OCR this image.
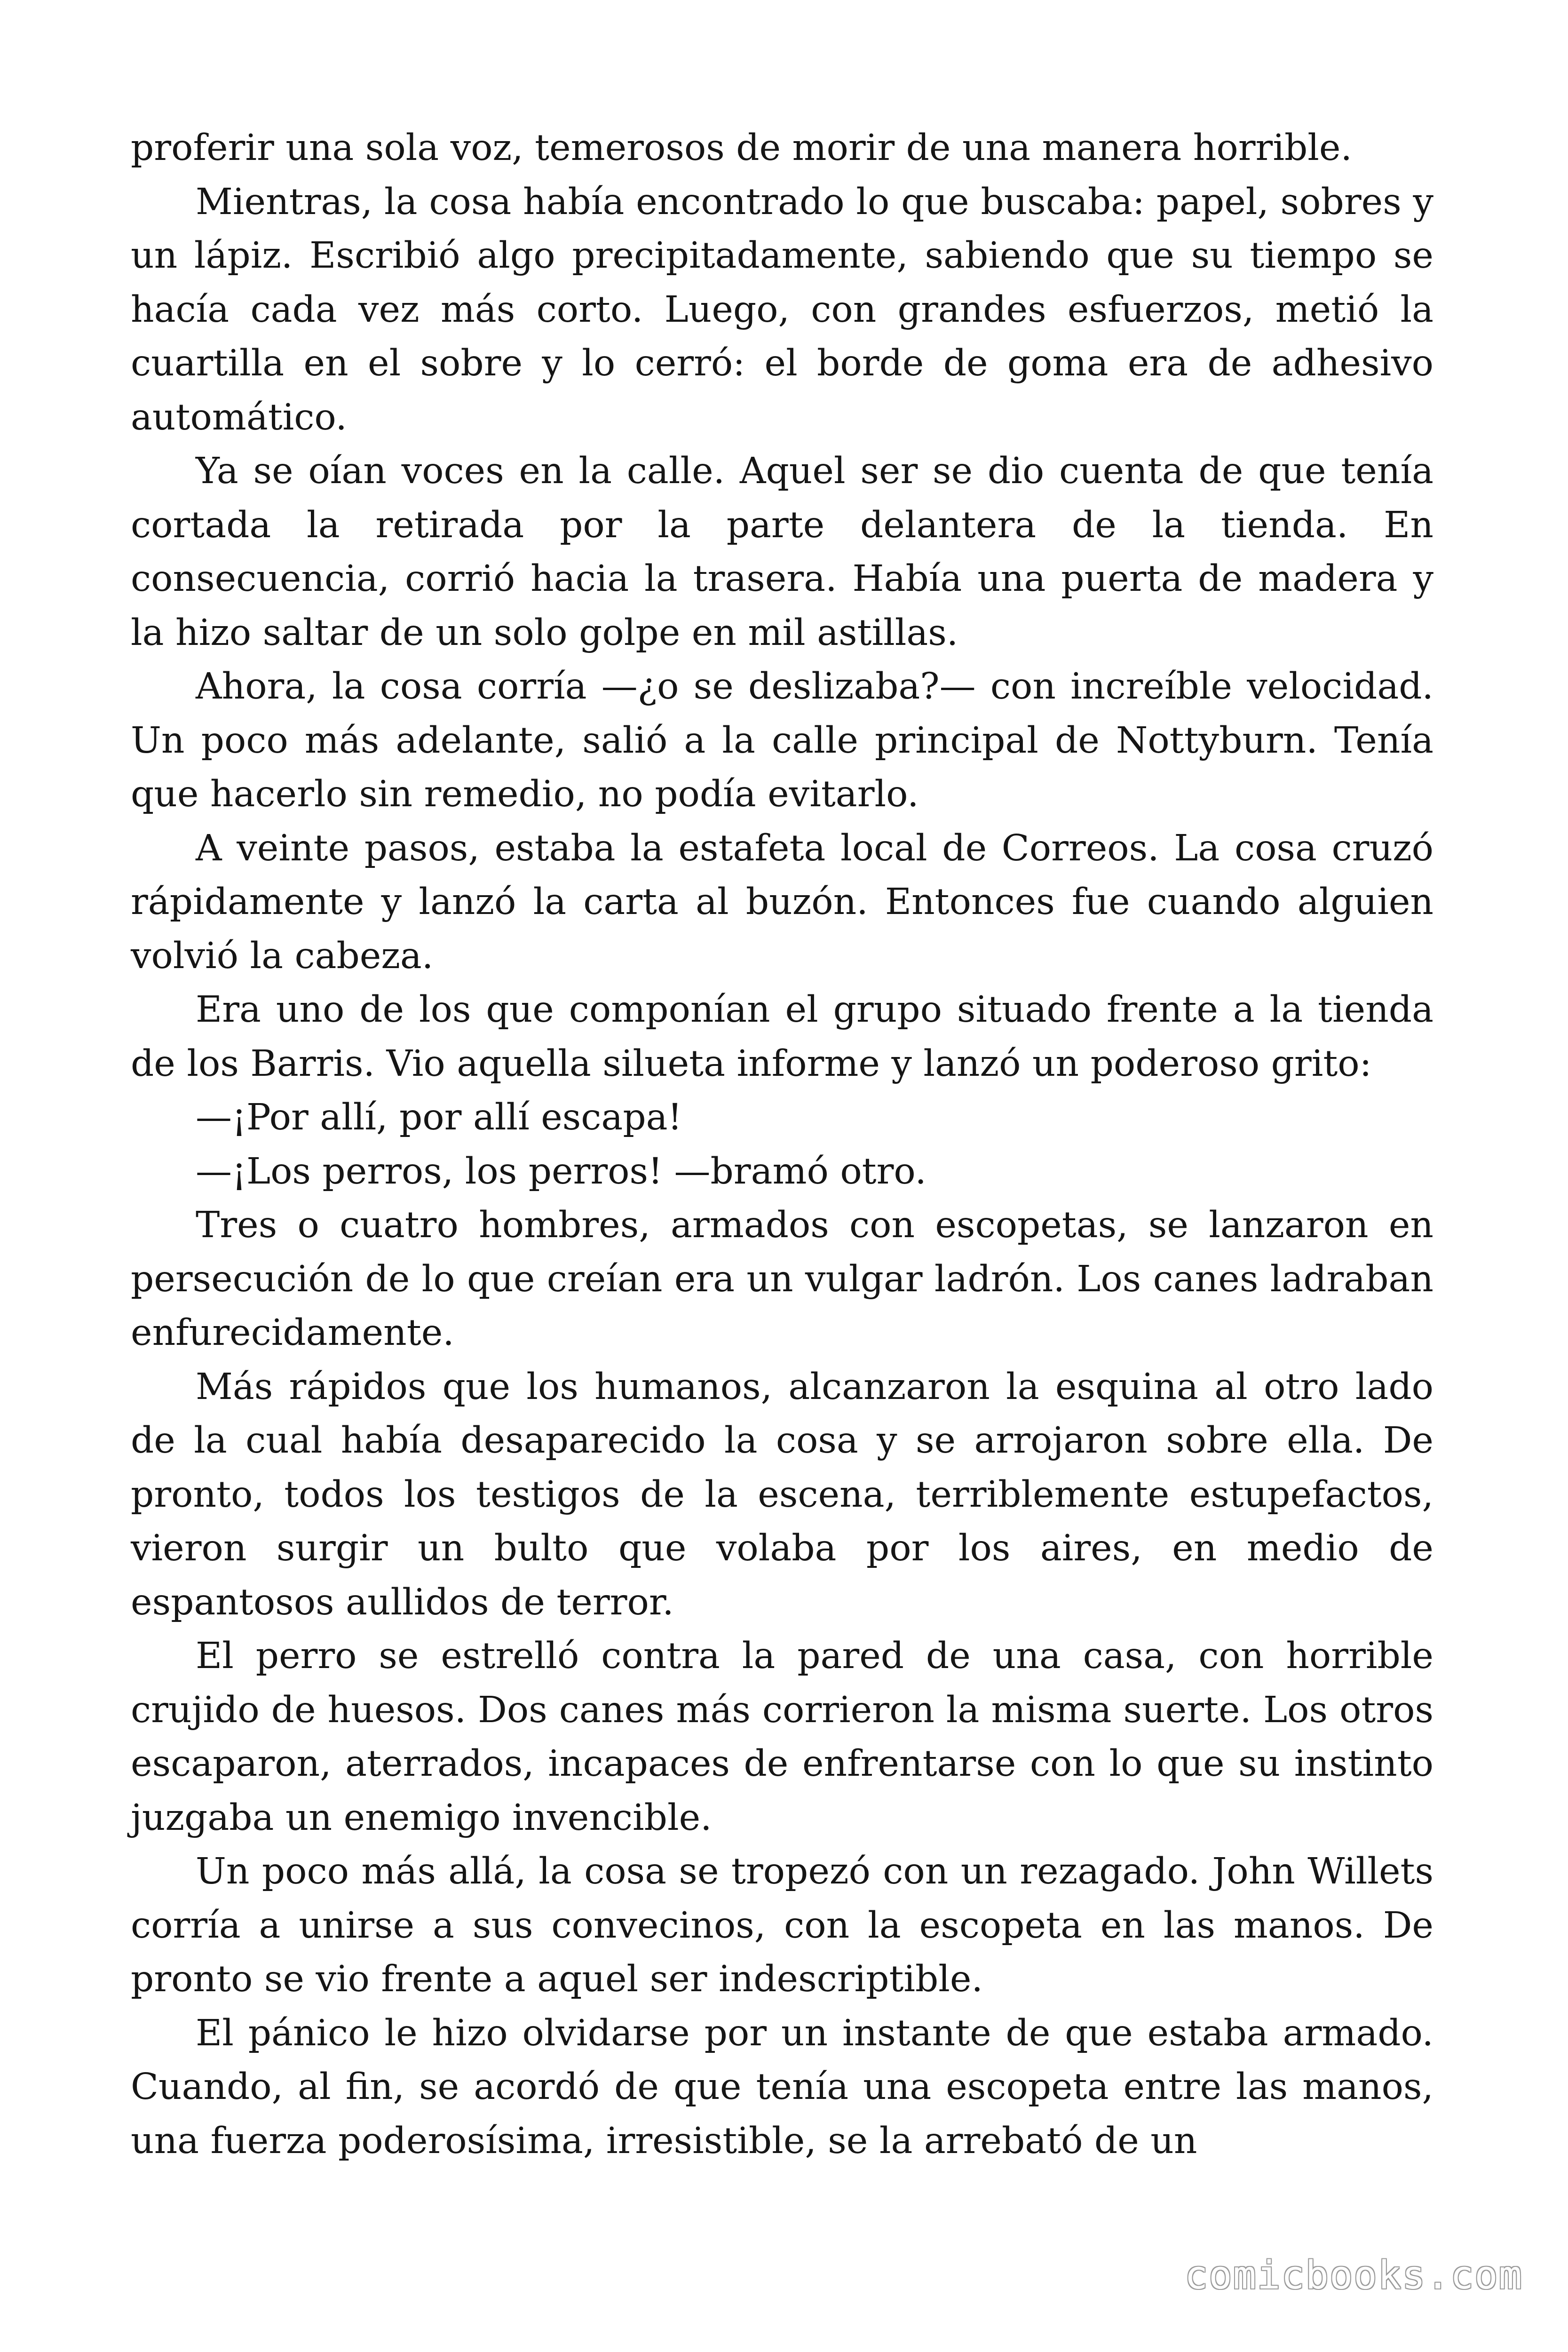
proferir una sola voz, temerosos de morir de una manera horrible.

Mientras, la cosa había encontrado lo que buscaba: papel, sobres y un lápiz. Escribió algo precipitadamente, sabiendo que su tiempo se hacía cada vez más corto. Luego, con grandes esfuerzos, metió la cuartilla en el sobre y lo cerró: el borde de goma era de adhesivo automático.

Ya se oían voces en la calle. Aquel ser se dio cuenta de que tenía cortada la retirada por la parte delantera de la tienda. En consecuencia, corrió hacia la trasera. Había una puerta de madera y la hizo saltar de un solo golpe en mil astillas.

Ahora, la cosa corría —¿o se deslizaba?— con increíble velocidad. Un poco más adelante, salió a la calle principal de Nottyburn. Tenía que hacerlo sin remedio, no podía evitarlo.

A veinte pasos, estaba la estafeta local de Correos. La cosa cruzó rápidamente y lanzó la carta al buzón. Entonces fue cuando alguien volvió la cabeza.

Era uno de los que componían el grupo situado frente a la tienda de los Barris. Vio aquella silueta informe y lanzó un poderoso grito:

—¡Por allí, por allí escapa!

—¡Los perros, los perros! —bramó otro.

Tres o cuatro hombres, armados con escopetas, se lanzaron en persecución de lo que creían era un vulgar ladrón. Los canes ladraban enfurecidamente.

Más rápidos que los humanos, alcanzaron la esquina al otro lado de la cual había desaparecido la cosa y se arrojaron sobre ella. De pronto, todos los testigos de la escena, terriblemente estupefactos, vieron surgir un bulto que volaba por los aires, en medio de espantosos aullidos de terror.

El perro se estrelló contra la pared de una casa, con horrible crujido de huesos. Dos canes más corrieron la misma suerte. Los otros escaparon, aterrados, incapaces de enfrentarse con lo que su instinto juzgaba un enemigo invencible.

Un poco más allá, la cosa se tropezó con un rezagado. John Willets corría a unirse a sus convecinos, con la escopeta en las manos. De pronto se vio frente a aquel ser indescriptible.

El pánico le hizo olvidarse por un instante de que estaba armado. Cuando, al fin, se acordó de que tenía una escopeta entre las manos, una fuerza poderosísima, irresistible, se la arrebató de un

comicbooks.com
